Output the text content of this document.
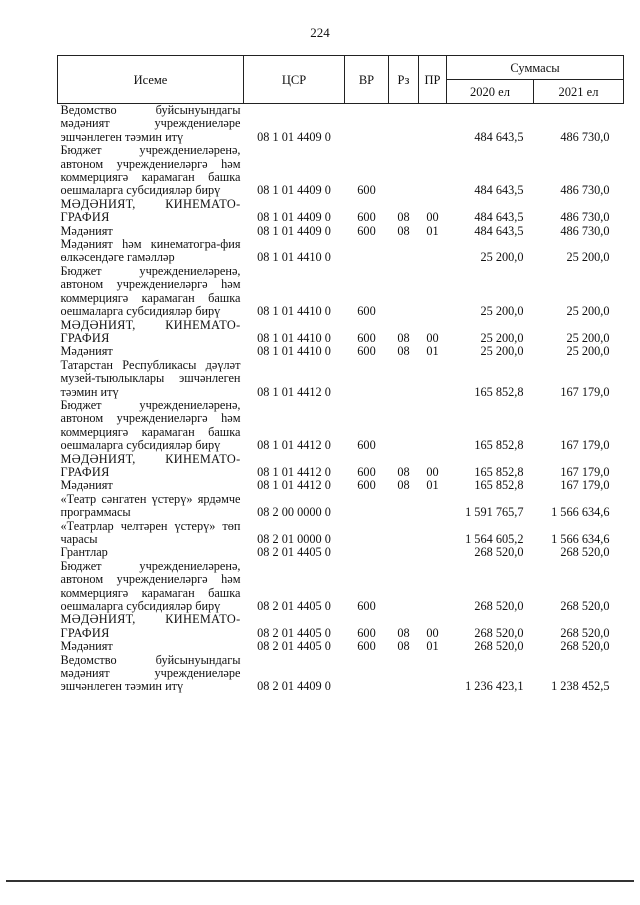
224
Исеме	ЦСР	ВР	Рз	ПР	Суммасы	
					2020 ел	2021 ел
Ведомство буйсынуындагы мәдәният учреждениеләре эшчәнлеген тәэмин итү	08 1 01 4409 0				484 643,5	486 730,0
Бюджет учреждениеләренә, автоном учреждениеләргә һәм коммерциягә карамаган башка оешмаларга субсидияләр бирү	08 1 01 4409 0	600			484 643,5	486 730,0
МӘДӘНИЯТ, КИНЕМАТО-ГРАФИЯ	08 1 01 4409 0	600	08	00	484 643,5	486 730,0
Мәдәният	08 1 01 4409 0	600	08	01	484 643,5	486 730,0
Мәдәният һәм кинематогра-фия өлкәсендәге гамәлләр	08 1 01 4410 0				25 200,0	25 200,0
Бюджет учреждениеләренә, автоном учреждениеләргә һәм коммерциягә карамаган башка оешмаларга субсидияләр бирү	08 1 01 4410 0	600			25 200,0	25 200,0
МӘДӘНИЯТ, КИНЕМАТО-ГРАФИЯ	08 1 01 4410 0	600	08	00	25 200,0	25 200,0
Мәдәният	08 1 01 4410 0	600	08	01	25 200,0	25 200,0
Татарстан Республикасы дәүләт музей-тыюлыклары эшчәнлеген тәэмин итү	08 1 01 4412 0				165 852,8	167 179,0
Бюджет учреждениеләренә, автоном учреждениеләргә һәм коммерциягә карамаган башка оешмаларга субсидияләр бирү	08 1 01 4412 0	600			165 852,8	167 179,0
МӘДӘНИЯТ, КИНЕМАТО-ГРАФИЯ	08 1 01 4412 0	600	08	00	165 852,8	167 179,0
Мәдәният	08 1 01 4412 0	600	08	01	165 852,8	167 179,0
«Театр сәнгатен үстерү» ярдәмче программасы	08 2 00 0000 0				1 591 765,7	1 566 634,6
«Театрлар челтәрен үстерү» төп чарасы	08 2 01 0000 0				1 564 605,2	1 566 634,6
Грантлар	08 2 01 4405 0				268 520,0	268 520,0
Бюджет учреждениеләренә, автоном учреждениеләргә һәм коммерциягә карамаган башка оешмаларга субсидияләр бирү	08 2 01 4405 0	600			268 520,0	268 520,0
МӘДӘНИЯТ, КИНЕМАТО-ГРАФИЯ	08 2 01 4405 0	600	08	00	268 520,0	268 520,0
Мәдәният	08 2 01 4405 0	600	08	01	268 520,0	268 520,0
Ведомство буйсынуындагы мәдәният учреждениеләре эшчәнлеген тәэмин итү	08 2 01 4409 0				1 236 423,1	1 238 452,5
